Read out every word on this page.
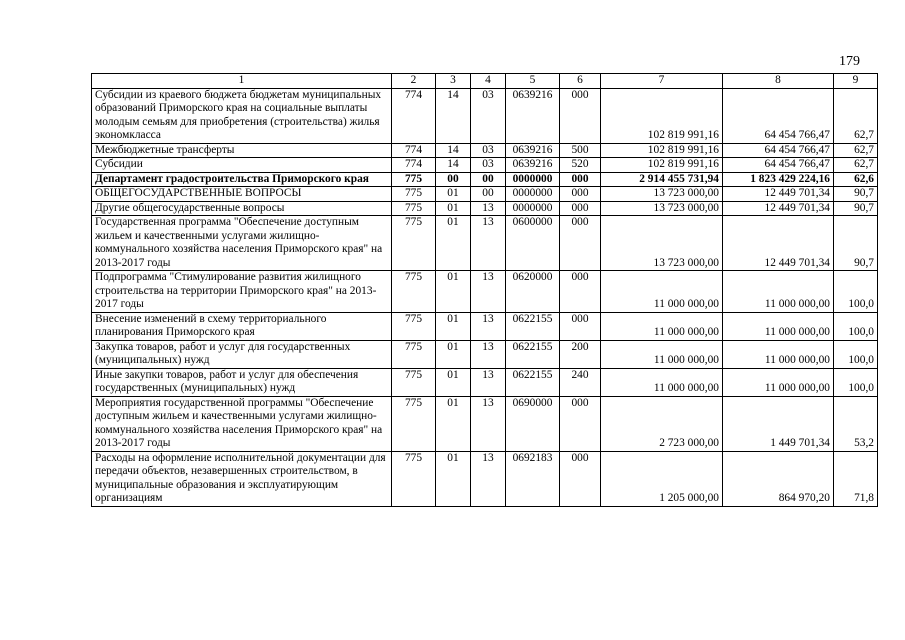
179
1	2	3	4	5	6	7	8	9
Субсидии из краевого бюджета бюджетам муниципальных образований Приморского края на социальные выплаты молодым семьям для приобретения (строительства) жилья экономкласса	774	14	03	0639216	000	102 819 991,16	64 454 766,47	62,7
Межбюджетные трансферты	774	14	03	0639216	500	102 819 991,16	64 454 766,47	62,7
Субсидии	774	14	03	0639216	520	102 819 991,16	64 454 766,47	62,7
Департамент градостроительства Приморского края	775	00	00	0000000	000	2 914 455 731,94	1 823 429 224,16	62,6
ОБЩЕГОСУДАРСТВЕННЫЕ ВОПРОСЫ	775	01	00	0000000	000	13 723 000,00	12 449 701,34	90,7
Другие общегосударственные вопросы	775	01	13	0000000	000	13 723 000,00	12 449 701,34	90,7
Государственная программа "Обеспечение доступным жильем и качественными услугами жилищно-коммунального хозяйства населения Приморского края" на 2013-2017 годы	775	01	13	0600000	000	13 723 000,00	12 449 701,34	90,7
Подпрограмма "Стимулирование развития жилищного строительства на территории Приморского края" на 2013-2017 годы	775	01	13	0620000	000	11 000 000,00	11 000 000,00	100,0
Внесение изменений в схему территориального планирования Приморского края	775	01	13	0622155	000	11 000 000,00	11 000 000,00	100,0
Закупка товаров, работ и услуг для государственных (муниципальных) нужд	775	01	13	0622155	200	11 000 000,00	11 000 000,00	100,0
Иные закупки товаров, работ и услуг для обеспечения государственных (муниципальных) нужд	775	01	13	0622155	240	11 000 000,00	11 000 000,00	100,0
Мероприятия государственной программы "Обеспечение доступным жильем и качественными услугами жилищно-коммунального хозяйства населения Приморского края" на 2013-2017 годы	775	01	13	0690000	000	2 723 000,00	1 449 701,34	53,2
Расходы на оформление исполнительной документации для передачи объектов, незавершенных строительством, в муниципальные образования и эксплуатирующим организациям	775	01	13	0692183	000	1 205 000,00	864 970,20	71,8
